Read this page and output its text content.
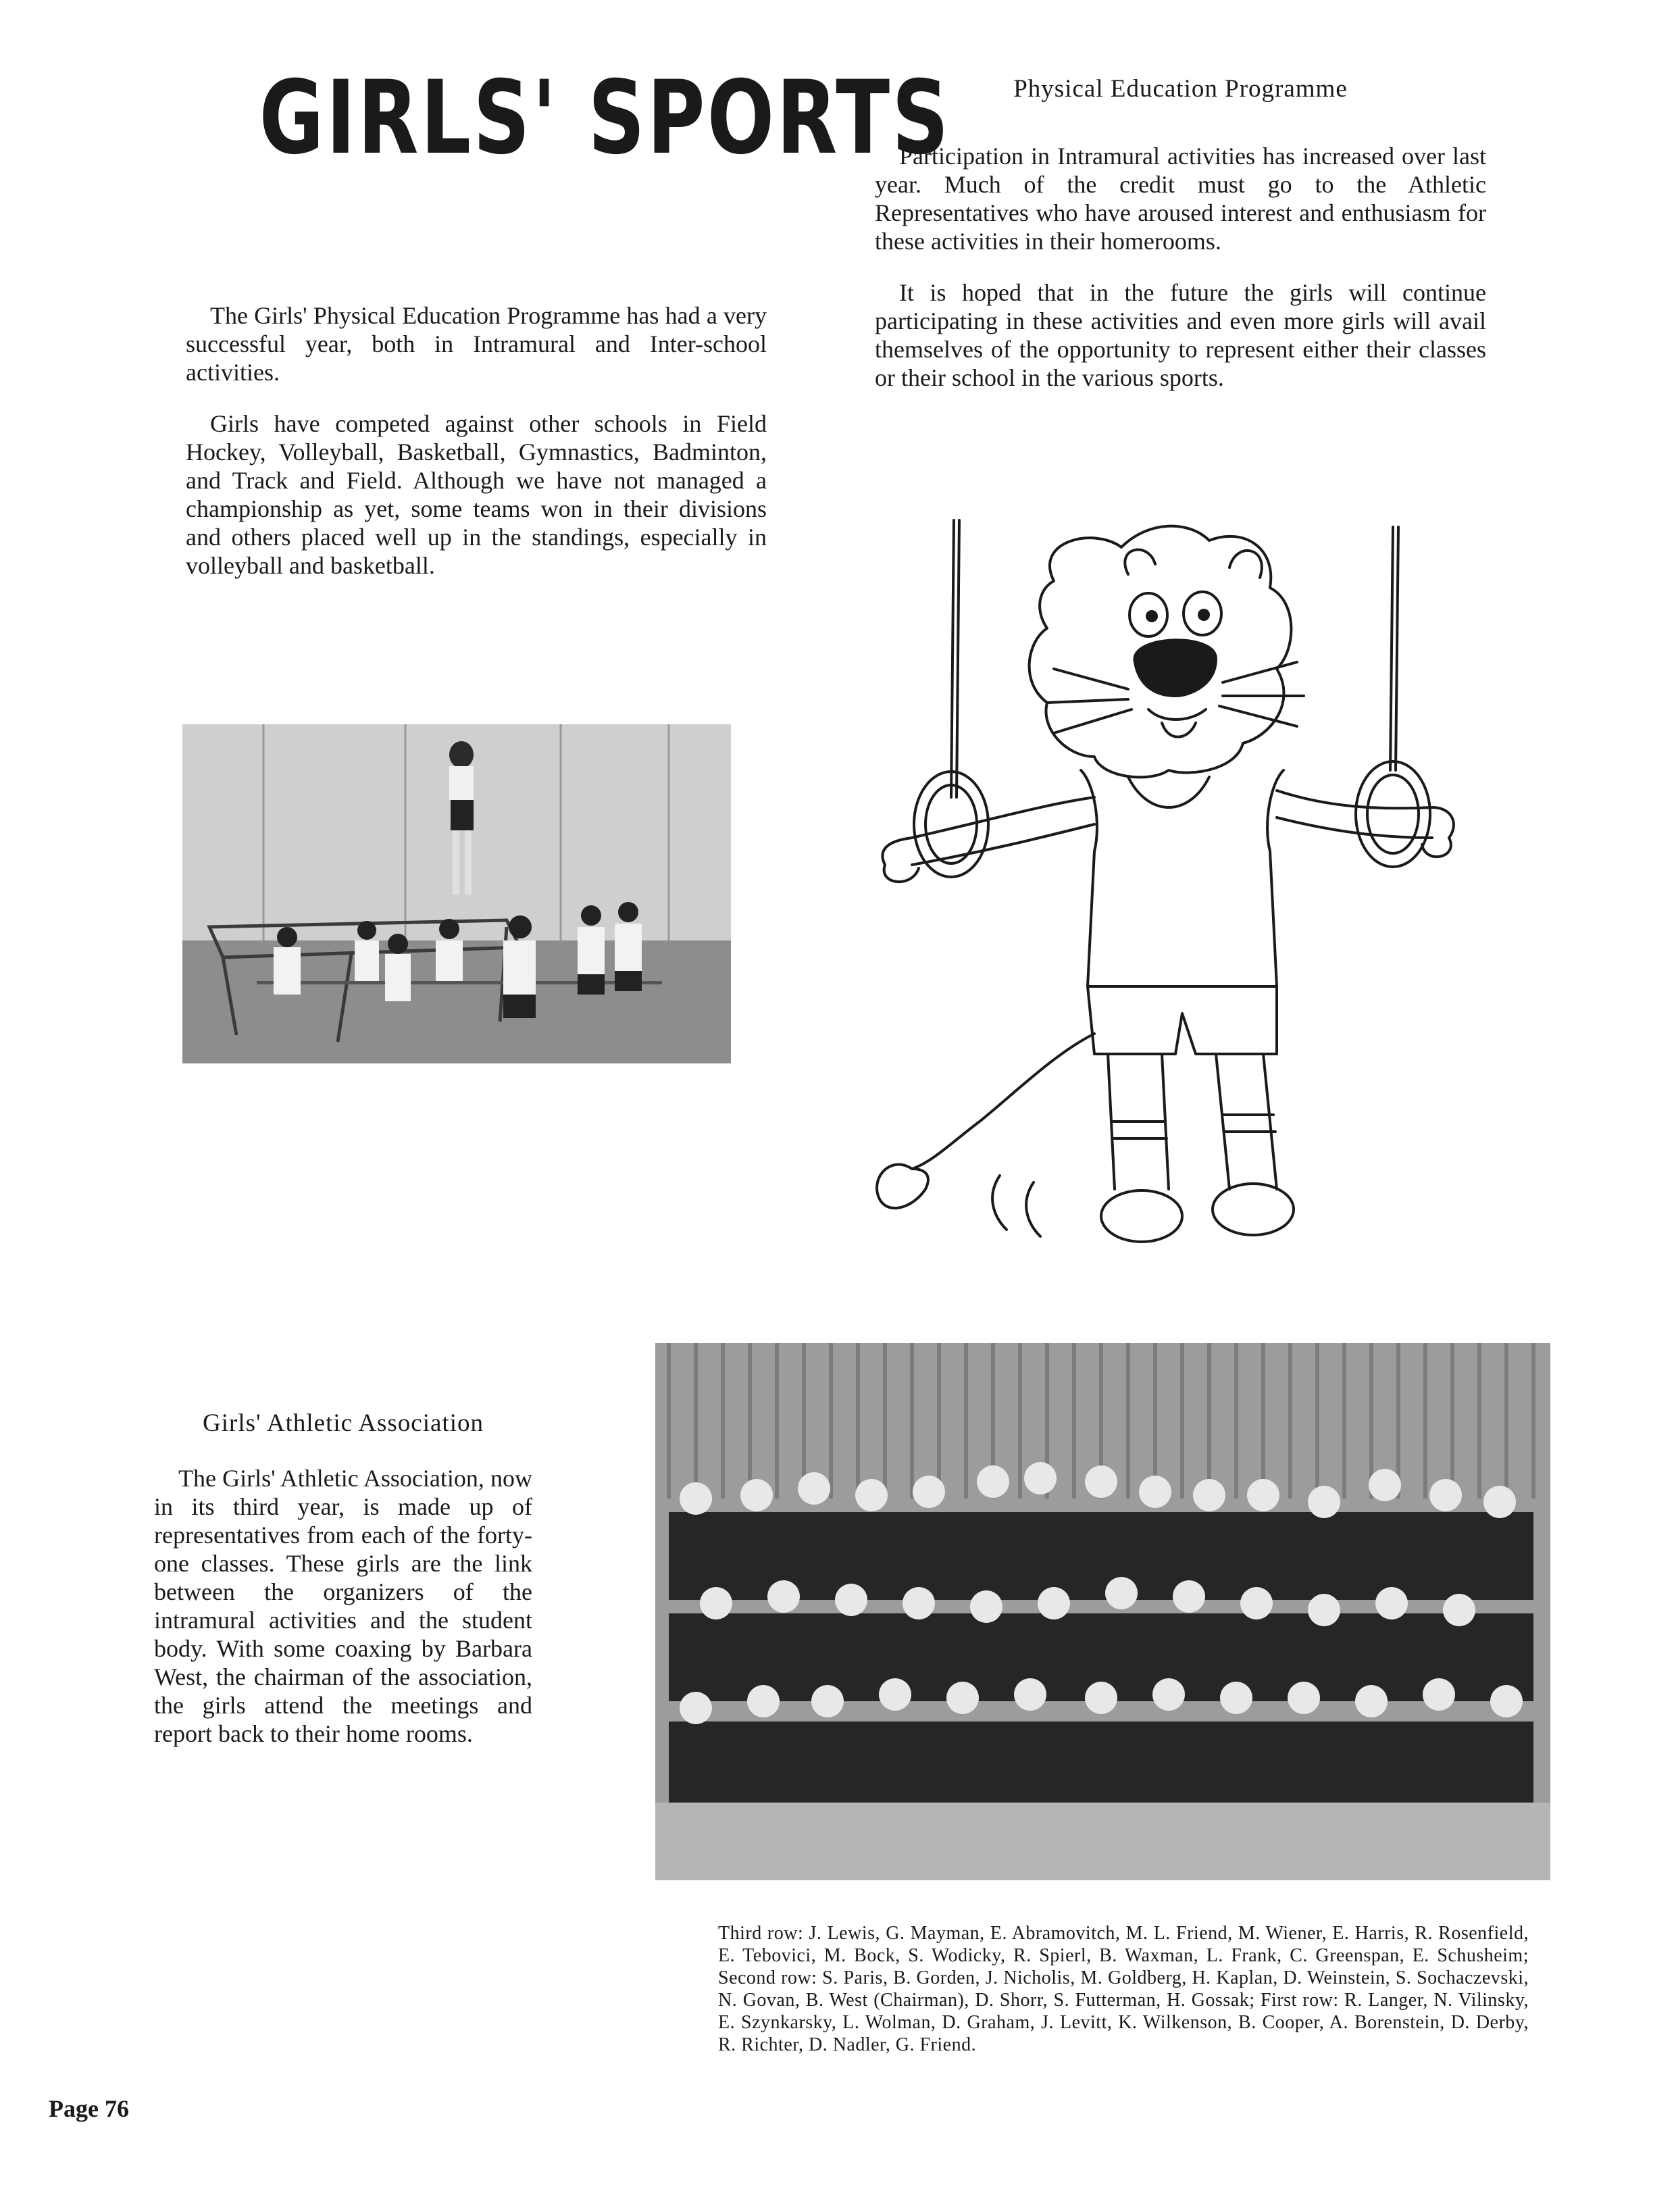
GIRLS' SPORTS

The Girls' Physical Education Programme has had a very successful year, both in Intramural and Inter-school activities.

Girls have competed against other schools in Field Hockey, Volleyball, Basketball, Gymnastics, Badminton, and Track and Field. Although we have not managed a championship as yet, some teams won in their divisions and others placed well up in the standings, especially in volleyball and basketball.

Physical Education Programme

Participation in Intramural activities has increased over last year. Much of the credit must go to the Athletic Representatives who have aroused interest and enthusiasm for these activities in their homerooms.

It is hoped that in the future the girls will continue participating in these activities and even more girls will avail themselves of the opportunity to represent either their classes or their school in the various sports.

Girls' Athletic Association

The Girls' Athletic Association, now in its third year, is made up of representatives from each of the forty-one classes. These girls are the link between the organizers of the intramural activities and the student body. With some coaxing by Barbara West, the chairman of the association, the girls attend the meetings and report back to their home rooms.

Third row: J. Lewis, G. Mayman, E. Abramovitch, M. L. Friend, M. Wiener, E. Harris, R. Rosenfield, E. Tebovici, M. Bock, S. Wodicky, R. Spierl, B. Waxman, L. Frank, C. Greenspan, E. Schusheim; Second row: S. Paris, B. Gorden, J. Nicholis, M. Goldberg, H. Kaplan, D. Weinstein, S. Sochaczevski, N. Govan, B. West (Chairman), D. Shorr, S. Futterman, H. Gossak; First row: R. Langer, N. Vilinsky, E. Szynkarsky, L. Wolman, D. Graham, J. Levitt, K. Wilkenson, B. Cooper, A. Borenstein, D. Derby, R. Richter, D. Nadler, G. Friend.
Page 76
